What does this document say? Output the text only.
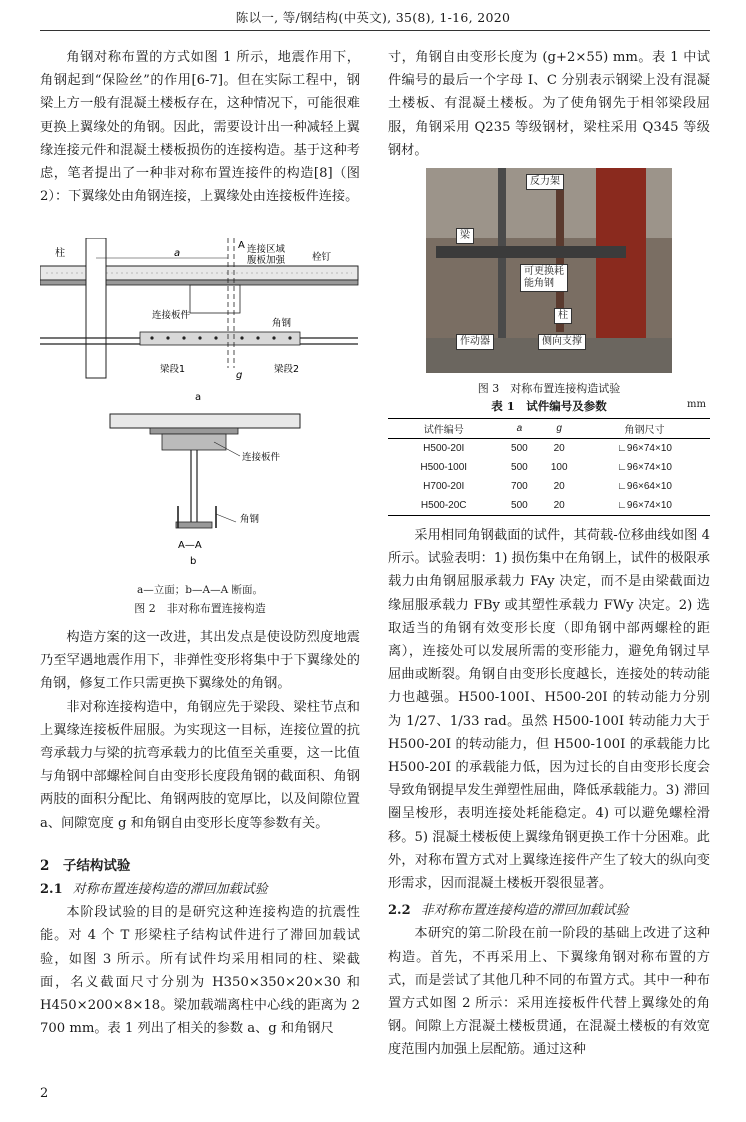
陈以一, 等/钢结构(中英文), 35(8), 1-16, 2020

角钢对称布置的方式如图 1 所示，地震作用下，角钢起到“保险丝”的作用[6-7]。但在实际工程中，钢梁上方一般有混凝土楼板存在，这种情况下，可能很难更换上翼缘处的角钢。因此，需要设计出一种减轻上翼缘连接元件和混凝土楼板损伤的连接构造。基于这种考虑，笔者提出了一种非对称布置连接件的构造[8]（图 2）：下翼缘处由角钢连接，上翼缘处由连接板件连接。

柱	a
A 连接区域
腹板加强	栓钉
连接板件
角钢
梁段1	梁段2
g
a
连接板件
角钢
A—A
b
a—立面；b—A—A 断面。
图 2　非对称布置连接构造

构造方案的这一改进，其出发点是使设防烈度地震乃至罕遇地震作用下，非弹性变形将集中于下翼缘处的角钢，修复工作只需更换下翼缘处的角钢。

非对称连接构造中，角钢应先于梁段、梁柱节点和上翼缘连接板件屈服。为实现这一目标，连接位置的抗弯承载力与梁的抗弯承载力的比值至关重要，这一比值与角钢中部螺栓间自由变形长度段角钢的截面积、角钢两肢的面积分配比、角钢两肢的宽厚比，以及间隙位置 a、间隙宽度 g 和角钢自由变形长度等参数有关。

2　子结构试验
2.1 对称布置连接构造的滞回加载试验

本阶段试验的目的是研究这种连接构造的抗震性能。对 4 个 T 形梁柱子结构试件进行了滞回加载试验，如图 3 所示。所有试件均采用相同的柱、梁截面，名义截面尺寸分别为 H350×350×20×30 和 H450×200×8×18。梁加载端离柱中心线的距离为 2 700 mm。表 1 列出了相关的参数 a、g 和角钢尺

寸，角钢自由变形长度为 (g+2×55) mm。表 1 中试件编号的最后一个字母 I、C 分别表示钢梁上没有混凝土楼板、有混凝土楼板。为了使角钢先于相邻梁段屈服，角钢采用 Q235 等级钢材，梁柱采用 Q345 等级钢材。

反力架
梁
可更换耗
能角钢
柱
作动器	侧向支撑
图 3　对称布置连接构造试验
表 1　试件编号及参数	mm
试件编号	a	g	角钢尺寸
H500-20I	500	20	∟96×74×10
H500-100I	500	100	∟96×74×10
H700-20I	700	20	∟96×64×10
H500-20C	500	20	∟96×74×10

采用相同角钢截面的试件，其荷载-位移曲线如图 4 所示。试验表明：1) 损伤集中在角钢上，试件的极限承载力由角钢屈服承载力 FAy 决定，而不是由梁截面边缘屈服承载力 FBy 或其塑性承载力 FWy 决定。2) 选取适当的角钢有效变形长度（即角钢中部两螺栓的距离），连接处可以发展所需的变形能力，避免角钢过早屈曲或断裂。角钢自由变形长度越长，连接处的转动能力也越强。H500-100I、H500-20I 的转动能力分别为 1/27、1/33 rad。虽然 H500-100I 转动能力大于 H500-20I 的转动能力，但 H500-100I 的承载能力比 H500-20I 的承载能力低，因为过长的自由变形长度会导致角钢提早发生弹塑性屈曲，降低承载能力。3) 滞回圈呈梭形，表明连接处耗能稳定。4) 可以避免螺栓滑移。5) 混凝土楼板使上翼缘角钢更换工作十分困难。此外，对称布置方式对上翼缘连接件产生了较大的纵向变形需求，因而混凝土楼板开裂很显著。

2.2 非对称布置连接构造的滞回加载试验

本研究的第二阶段在前一阶段的基础上改进了这种构造。首先，不再采用上、下翼缘角钢对称布置的方式，而是尝试了其他几种不同的布置方式。其中一种布置方式如图 2 所示：采用连接板件代替上翼缘处的角钢。间隙上方混凝土楼板贯通，在混凝土楼板的有效宽度范围内加强上层配筋。通过这种

2
